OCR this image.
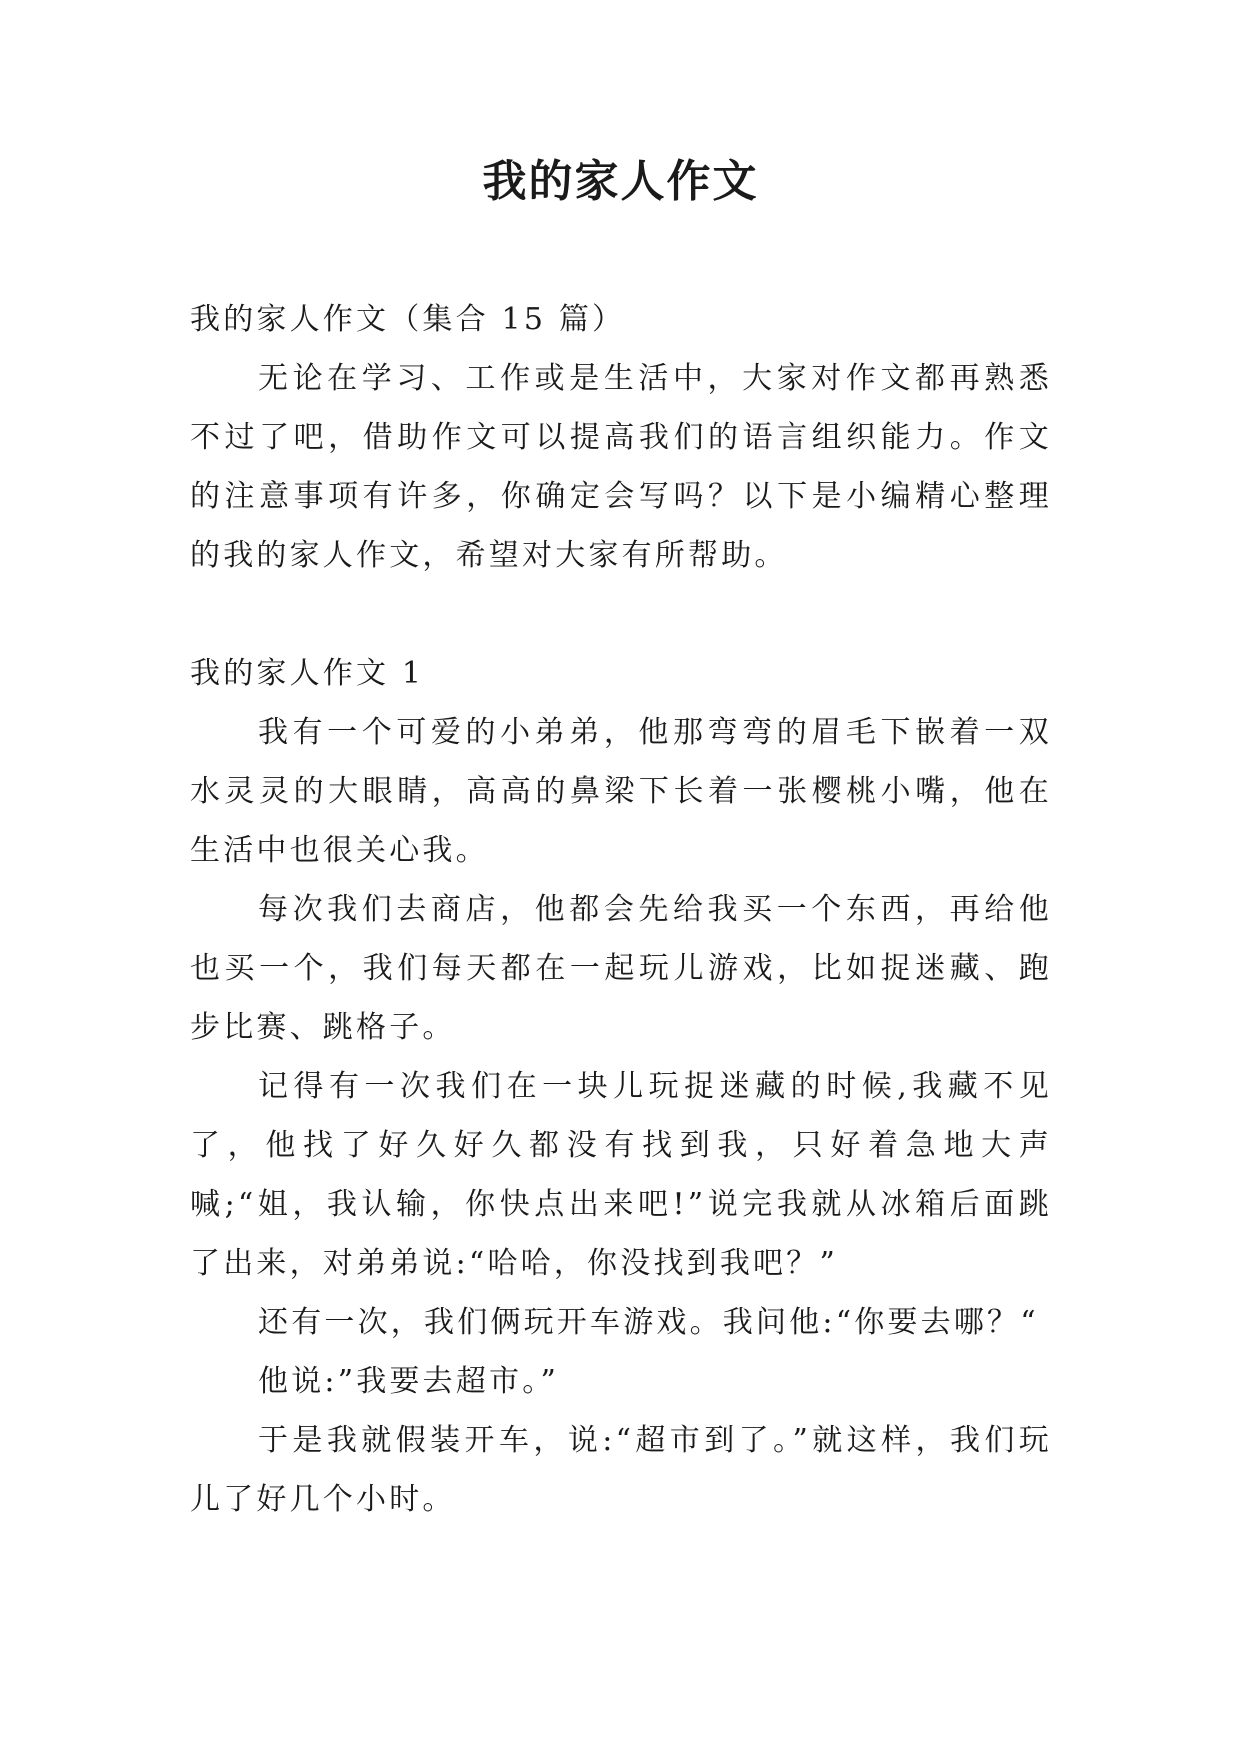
我的家人作文

我的家人作文（集合 15 篇）

无论在学习、工作或是生活中，大家对作文都再熟悉不过了吧，借助作文可以提高我们的语言组织能力。作文的注意事项有许多，你确定会写吗？以下是小编精心整理的我的家人作文，希望对大家有所帮助。

我的家人作文 1

我有一个可爱的小弟弟，他那弯弯的眉毛下嵌着一双水灵灵的大眼睛，高高的鼻梁下长着一张樱桃小嘴，他在生活中也很关心我。

每次我们去商店，他都会先给我买一个东西，再给他也买一个，我们每天都在一起玩儿游戏，比如捉迷藏、跑步比赛、跳格子。

记得有一次我们在一块儿玩捉迷藏的时候,我藏不见了，他找了好久好久都没有找到我，只好着急地大声喊;“姐，我认输，你快点出来吧!”说完我就从冰箱后面跳了出来，对弟弟说:“哈哈，你没找到我吧？”

还有一次，我们俩玩开车游戏。我问他:“你要去哪？“

他说:”我要去超市。”

于是我就假装开车，说:“超市到了。”就这样，我们玩儿了好几个小时。
